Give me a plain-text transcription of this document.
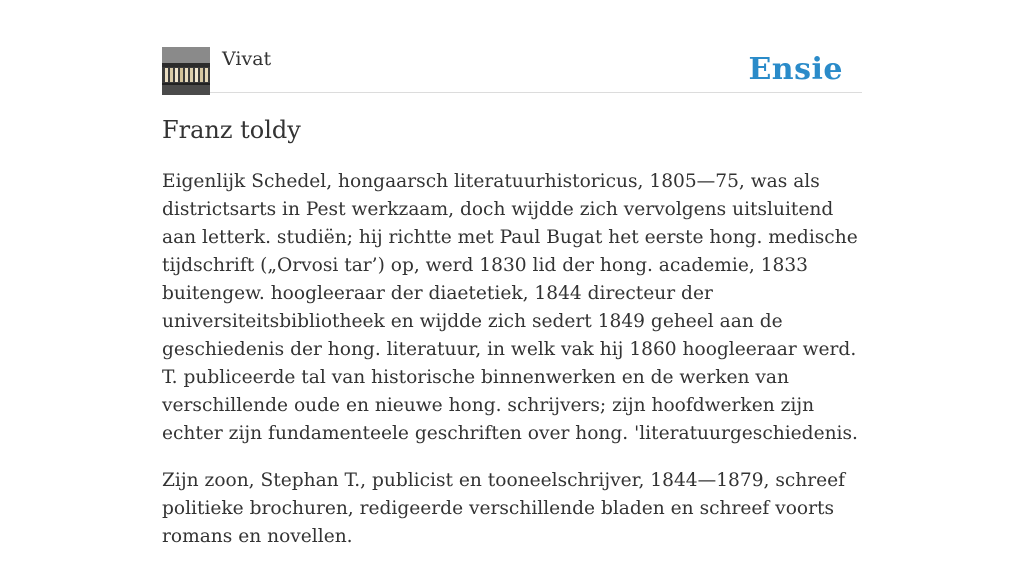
Vivat	Ensie
Franz toldy

Eigenlijk Schedel, hongaarsch literatuurhistoricus, 1805—75, was als districtsarts in Pest werkzaam, doch wijdde zich vervolgens uitsluitend aan letterk. studiën; hij richtte met Paul Bugat het eerste hong. medische tijdschrift („Orvosi tar’) op, werd 1830 lid der hong. academie, 1833 buitengew. hoogleeraar der diaetetiek, 1844 directeur der universiteitsbibliotheek en wijdde zich sedert 1849 geheel aan de geschiedenis der hong. literatuur, in welk vak hij 1860 hoogleeraar werd. T. publiceerde tal van historische binnenwerken en de werken van verschillende oude en nieuwe hong. schrijvers; zijn hoofdwerken zijn echter zijn fundamenteele geschriften over hong. 'literatuurgeschiedenis.

Zijn zoon, Stephan T., publicist en tooneelschrijver, 1844—1879, schreef politieke brochuren, redigeerde verschillende bladen en schreef voorts romans en novellen.
